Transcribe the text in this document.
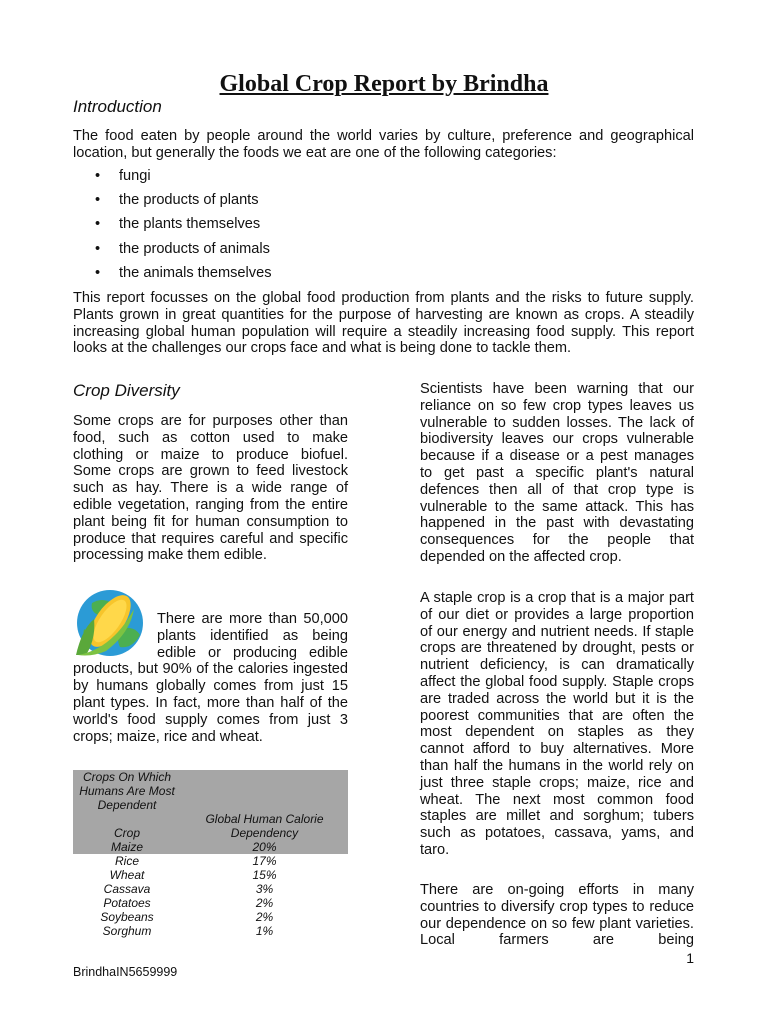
Global Crop Report by Brindha
Introduction
The food eaten by people around the world varies by culture, preference and geographical location, but generally the foods we eat are one of the following categories:
• fungi
• the products of plants
• the plants themselves
• the products of animals
• the animals themselves
This report focusses on the global food production from plants and the risks to future supply. Plants grown in great quantities for the purpose of harvesting are known as crops. A steadily increasing global human population will require a steadily increasing food supply. This report looks at the challenges our crops face and what is being done to tackle them.
Crop Diversity
Some crops are for purposes other than food, such as cotton used to make clothing or maize to produce biofuel. Some crops are grown to feed livestock such as hay. There is a wide range of edible vegetation, ranging from the entire plant being fit for human consumption to produce that requires careful and specific processing make them edible.
There are more than 50,000 plants identified as being edible or producing edible products, but 90% of the calories ingested by humans globally comes from just 15 plant types. In fact, more than half of the world's food supply comes from just 3 crops; maize, rice and wheat.
Crops On Which Humans Are Most Dependent	
Crop	Global Human Calorie Dependency
Maize	20%
Rice	17%
Wheat	15%
Cassava	3%
Potatoes	2%
Soybeans	2%
Sorghum	1%
Scientists have been warning that our reliance on so few crop types leaves us vulnerable to sudden losses. The lack of biodiversity leaves our crops vulnerable because if a disease or a pest manages to get past a specific plant's natural defences then all of that crop type is vulnerable to the same attack. This has happened in the past with devastating consequences for the people that depended on the affected crop.
A staple crop is a crop that is a major part of our diet or provides a large proportion of our energy and nutrient needs. If staple crops are threatened by drought, pests or nutrient deficiency, is can dramatically affect the global food supply. Staple crops are traded across the world but it is the poorest communities that are often the most dependent on staples as they cannot afford to buy alternatives. More than half the humans in the world rely on just three staple crops; maize, rice and wheat. The next most common food staples are millet and sorghum; tubers such as potatoes, cassava, yams, and taro.
There are on-going efforts in many countries to diversify crop types to reduce our dependence on so few plant varieties. Local farmers are being
1
BrindhaIN5659999
